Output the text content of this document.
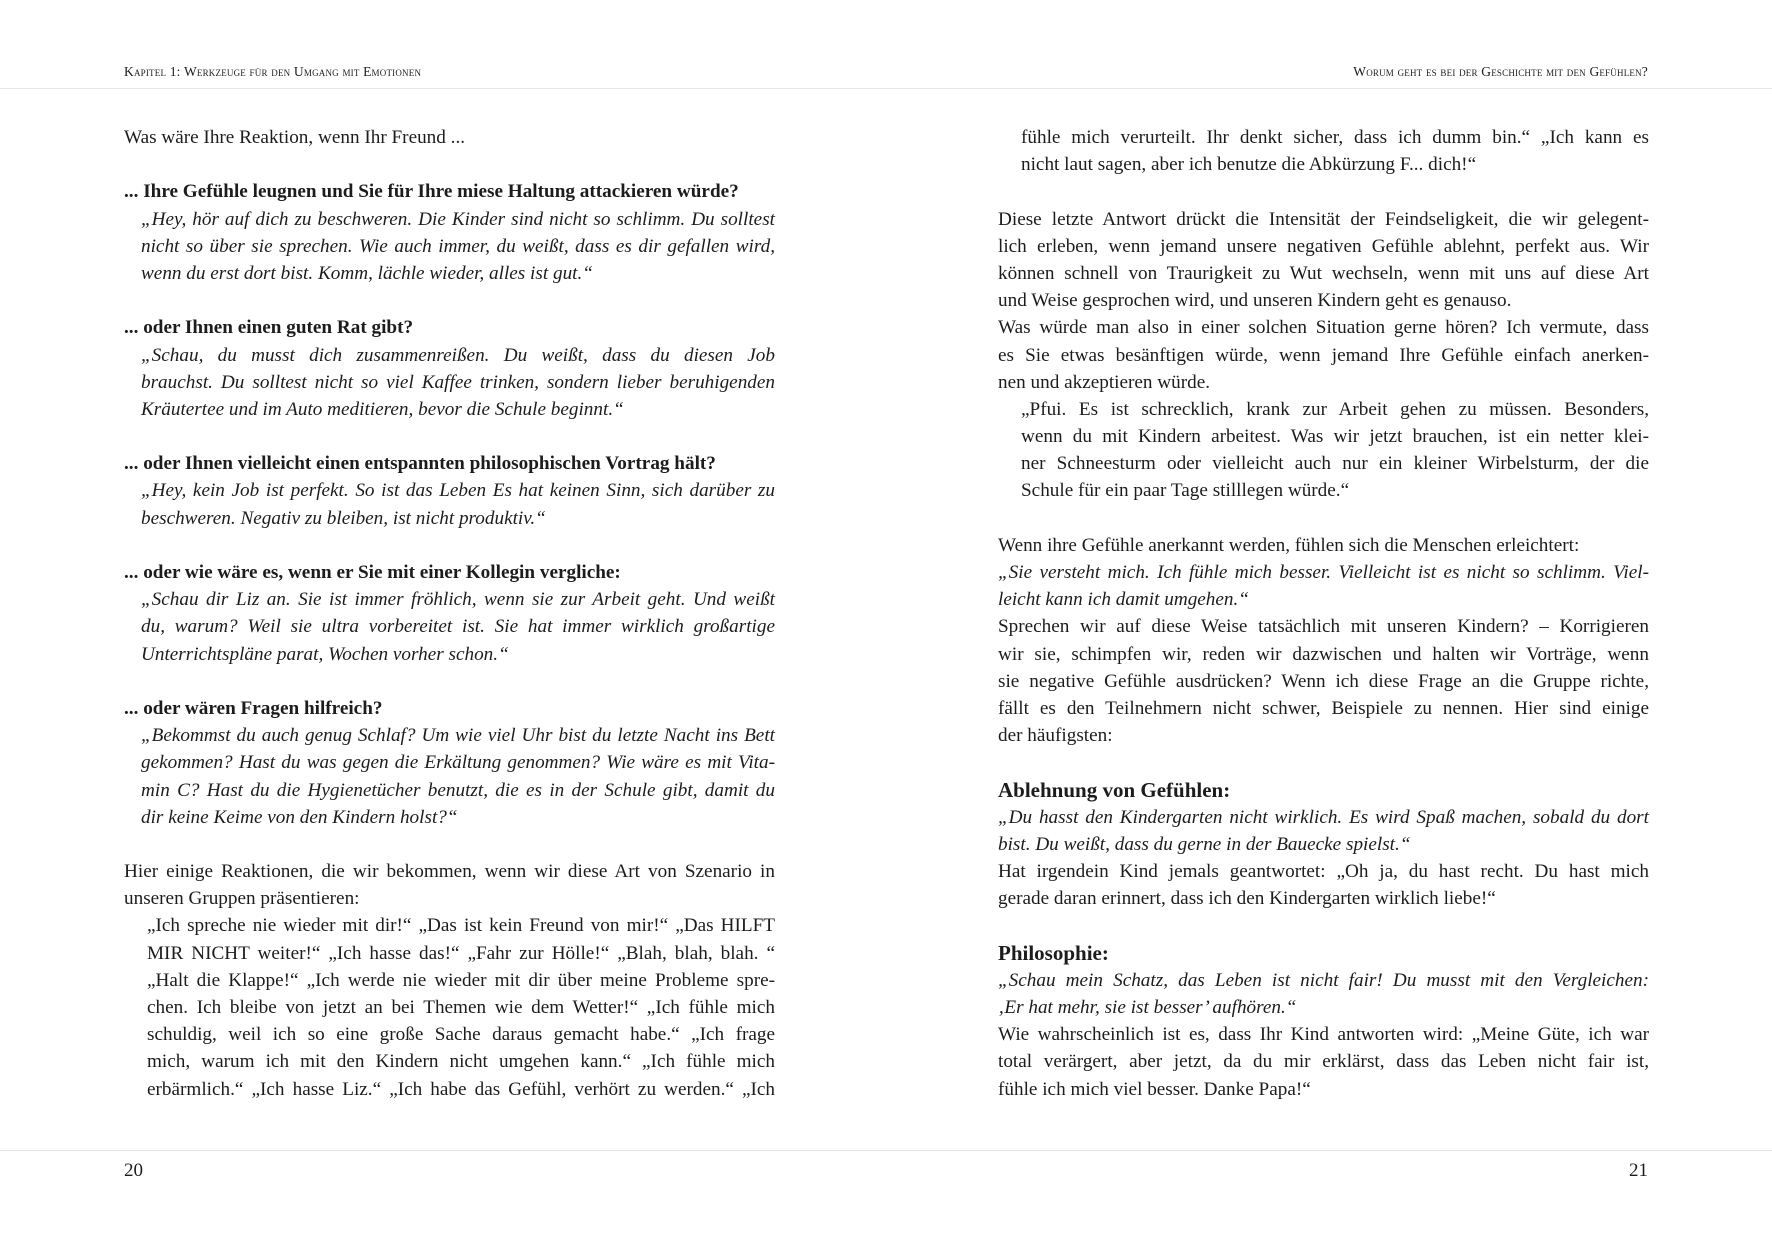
Kapitel 1: Werkzeuge für den Umgang mit Emotionen	Worum geht es bei der Geschichte mit den Gefühlen?
Was wäre Ihre Reaktion, wenn Ihr Freund ...
... Ihre Gefühle leugnen und Sie für Ihre miese Haltung attackieren würde?
„Hey, hör auf dich zu beschweren. Die Kinder sind nicht so schlimm. Du solltest
nicht so über sie sprechen. Wie auch immer, du weißt, dass es dir gefallen wird,
wenn du erst dort bist. Komm, lächle wieder, alles ist gut.“
... oder Ihnen einen guten Rat gibt?
„Schau, du musst dich zusammenreißen. Du weißt, dass du diesen Job
brauchst. Du solltest nicht so viel Kaffee trinken, sondern lieber beruhigenden
Kräutertee und im Auto meditieren, bevor die Schule beginnt.“
... oder Ihnen vielleicht einen entspannten philosophischen Vortrag hält?
„Hey, kein Job ist perfekt. So ist das Leben Es hat keinen Sinn, sich darüber zu
beschweren. Negativ zu bleiben, ist nicht produktiv.“
... oder wie wäre es, wenn er Sie mit einer Kollegin vergliche:
„Schau dir Liz an. Sie ist immer fröhlich, wenn sie zur Arbeit geht. Und weißt
du, warum? Weil sie ultra vorbereitet ist. Sie hat immer wirklich großartige
Unterrichtspläne parat, Wochen vorher schon.“
... oder wären Fragen hilfreich?
„Bekommst du auch genug Schlaf? Um wie viel Uhr bist du letzte Nacht ins Bett
gekommen? Hast du was gegen die Erkältung genommen? Wie wäre es mit Vita-
min C? Hast du die Hygienetücher benutzt, die es in der Schule gibt, damit du
dir keine Keime von den Kindern holst?“
Hier einige Reaktionen, die wir bekommen, wenn wir diese Art von Szenario in
unseren Gruppen präsentieren:
„Ich spreche nie wieder mit dir!“ „Das ist kein Freund von mir!“ „Das HILFT
MIR NICHT weiter!“ „Ich hasse das!“ „Fahr zur Hölle!“ „Blah, blah, blah. “
„Halt die Klappe!“ „Ich werde nie wieder mit dir über meine Probleme spre-
chen. Ich bleibe von jetzt an bei Themen wie dem Wetter!“ „Ich fühle mich
schuldig, weil ich so eine große Sache daraus gemacht habe.“ „Ich frage
mich, warum ich mit den Kindern nicht umgehen kann.“ „Ich fühle mich
erbärmlich.“ „Ich hasse Liz.“ „Ich habe das Gefühl, verhört zu werden.“ „Ich
fühle mich verurteilt. Ihr denkt sicher, dass ich dumm bin.“ „Ich kann es
nicht laut sagen, aber ich benutze die Abkürzung F... dich!“
Diese letzte Antwort drückt die Intensität der Feindseligkeit, die wir gelegent-
lich erleben, wenn jemand unsere negativen Gefühle ablehnt, perfekt aus. Wir
können schnell von Traurigkeit zu Wut wechseln, wenn mit uns auf diese Art
und Weise gesprochen wird, und unseren Kindern geht es genauso.
Was würde man also in einer solchen Situation gerne hören? Ich vermute, dass
es Sie etwas besänftigen würde, wenn jemand Ihre Gefühle einfach anerken-
nen und akzeptieren würde.
„Pfui. Es ist schrecklich, krank zur Arbeit gehen zu müssen. Besonders,
wenn du mit Kindern arbeitest. Was wir jetzt brauchen, ist ein netter klei-
ner Schneesturm oder vielleicht auch nur ein kleiner Wirbelsturm, der die
Schule für ein paar Tage stilllegen würde.“
Wenn ihre Gefühle anerkannt werden, fühlen sich die Menschen erleichtert:
„Sie versteht mich. Ich fühle mich besser. Vielleicht ist es nicht so schlimm. Viel-
leicht kann ich damit umgehen.“
Sprechen wir auf diese Weise tatsächlich mit unseren Kindern? – Korrigieren
wir sie, schimpfen wir, reden wir dazwischen und halten wir Vorträge, wenn
sie negative Gefühle ausdrücken? Wenn ich diese Frage an die Gruppe richte,
fällt es den Teilnehmern nicht schwer, Beispiele zu nennen. Hier sind einige
der häufigsten:
Ablehnung von Gefühlen:
„Du hasst den Kindergarten nicht wirklich. Es wird Spaß machen, sobald du dort
bist. Du weißt, dass du gerne in der Bauecke spielst.“
Hat irgendein Kind jemals geantwortet: „Oh ja, du hast recht. Du hast mich
gerade daran erinnert, dass ich den Kindergarten wirklich liebe!“
Philosophie:
„Schau mein Schatz, das Leben ist nicht fair! Du musst mit den Vergleichen:
‚Er hat mehr, sie ist besser’ aufhören.“
Wie wahrscheinlich ist es, dass Ihr Kind antworten wird: „Meine Güte, ich war
total verärgert, aber jetzt, da du mir erklärst, dass das Leben nicht fair ist,
fühle ich mich viel besser. Danke Papa!“
20	21
